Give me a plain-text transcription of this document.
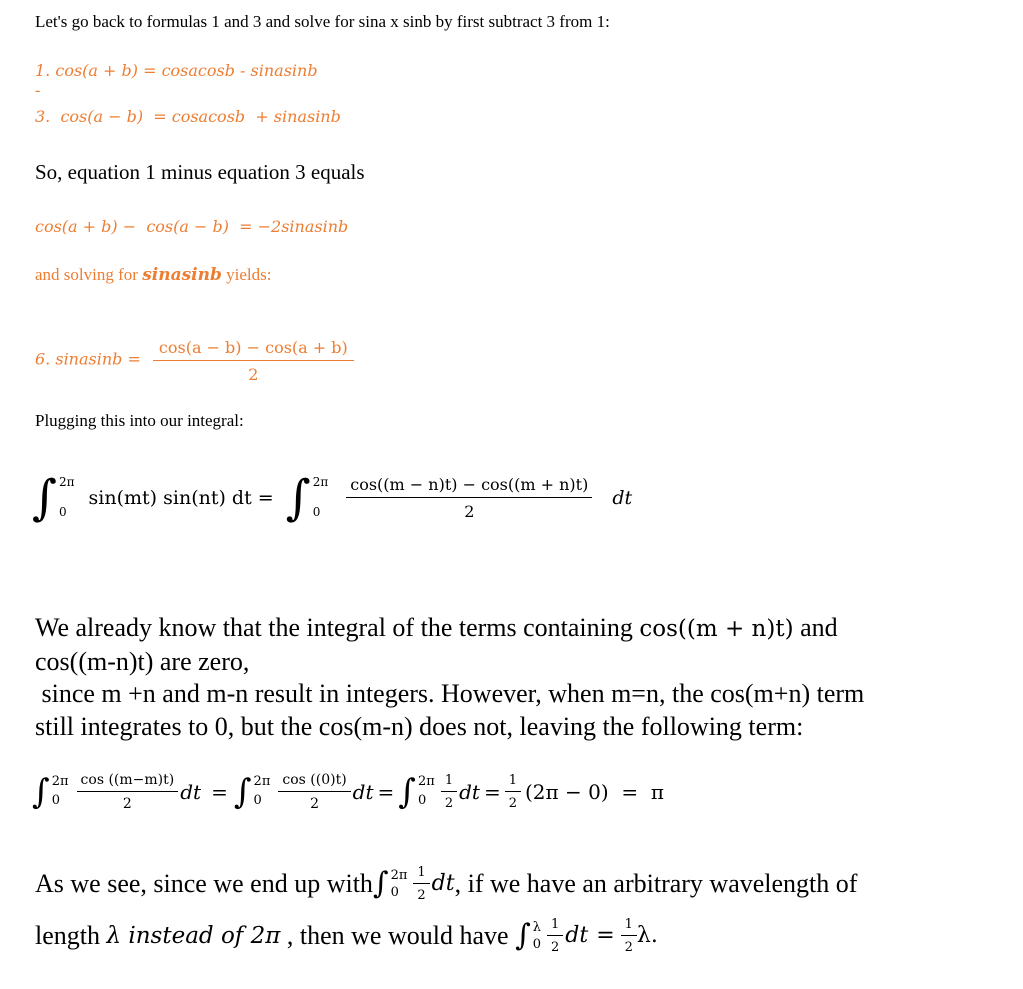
Let's go back to formulas 1 and 3 and solve for sina x sinb by first subtract 3 from 1:
1. cos(a + b) = cosacosb - sinasinb
-
3.  cos(a − b)  = cosacosb  + sinasinb
So, equation 1 minus equation 3 equals
cos(a + b) −  cos(a − b)  = −2sinasinb
and solving for sinasinb yields:
6. sinasinb = $\frac{\cos(a - b) - \cos(a + b)}{2}$
Plugging this into our integral:
∫
2π
0
sin(mt) sin(nt) dt =
∫
2π
0	$\frac{\cos((m - n)t) - \cos((m + n)t)}{2}$ dt
We already know that the integral of the terms containing cos((m + n)t) and
cos((m-n)t) are zero,
since m +n and m-n result in integers. However, when m=n, the cos(m+n) term
still integrates to 0, but the cos(m-n) does not, leaving the following term:
∫
2π
0	$\frac{\cos ((m-m)t)}{2}$ dt = ∫ 2π
0	$\frac{\cos ((0)t)}{2}$ dt = ∫ 2π
0	$\frac{1}{2}$ dt = $\frac{1}{2} (2\pi - 0) = \pi$
As we see, since we end up with ∫ 2π
0	$\frac{1}{2}$ dt , if we have an arbitrary wavelength of
length λ instead of 2π , then we would have ∫ λ
$0 \frac{1}{2}$ dt = $\frac{1}{2} \lambda$.
